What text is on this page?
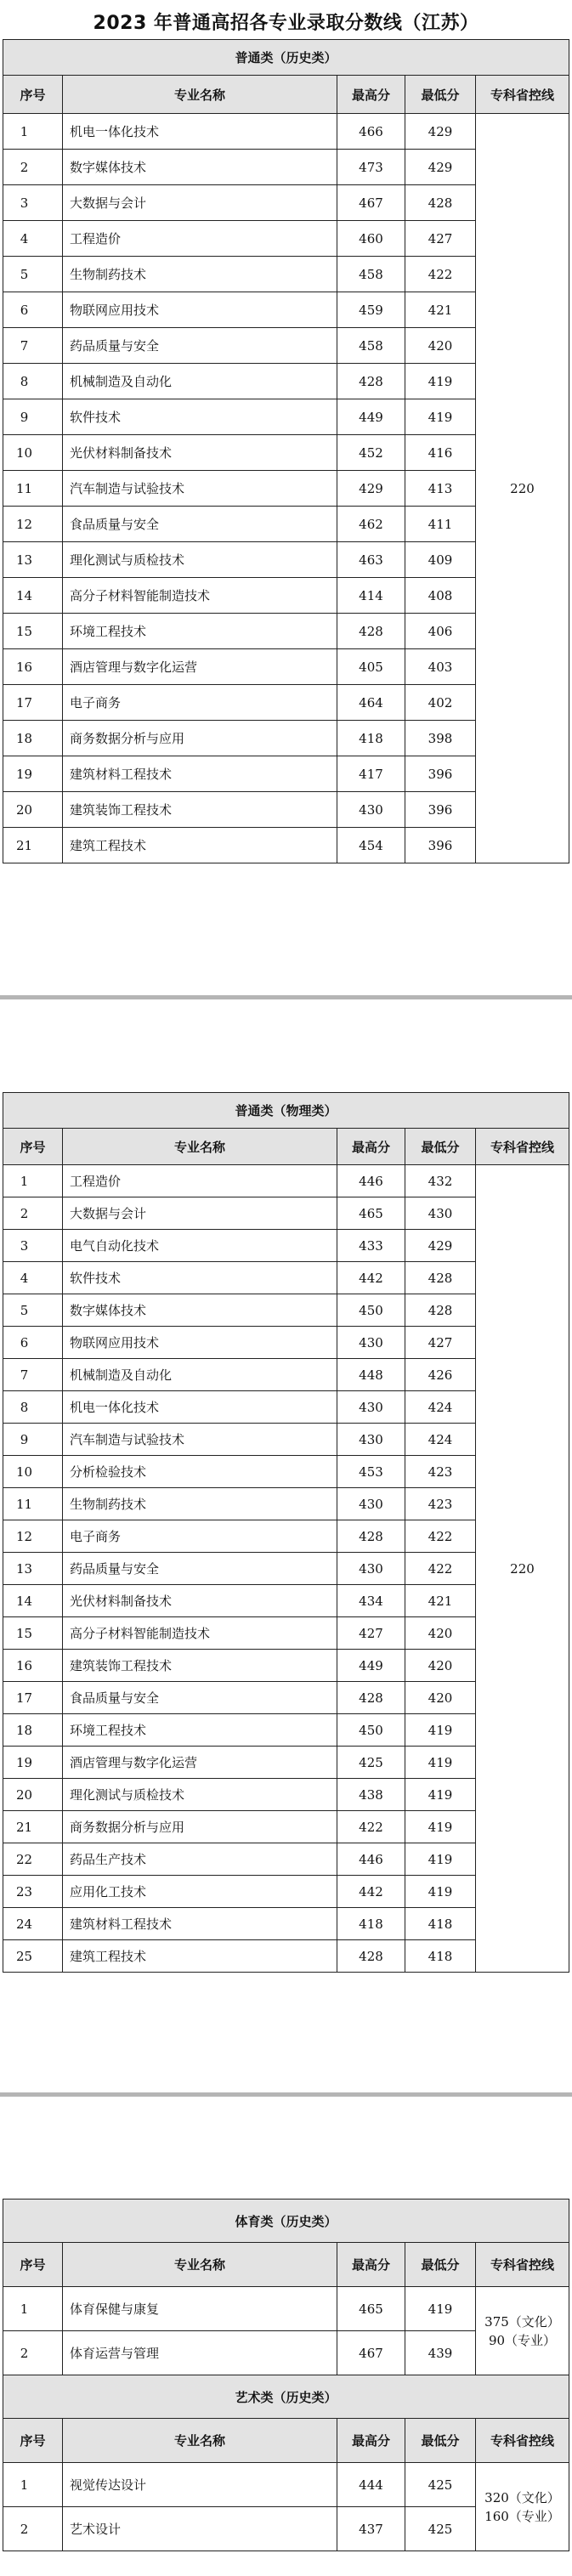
2023 年普通高招各专业录取分数线（江苏）
普通类（历史类）				
序号	专业名称	最高分	最低分	专科省控线
1	机电一体化技术	466	429	220
2	数字媒体技术	473	429	
3	大数据与会计	467	428	
4	工程造价	460	427	
5	生物制药技术	458	422	
6	物联网应用技术	459	421	
7	药品质量与安全	458	420	
8	机械制造及自动化	428	419	
9	软件技术	449	419	
10	光伏材料制备技术	452	416	
11	汽车制造与试验技术	429	413	
12	食品质量与安全	462	411	
13	理化测试与质检技术	463	409	
14	高分子材料智能制造技术	414	408	
15	环境工程技术	428	406	
16	酒店管理与数字化运营	405	403	
17	电子商务	464	402	
18	商务数据分析与应用	418	398	
19	建筑材料工程技术	417	396	
20	建筑装饰工程技术	430	396	
21	建筑工程技术	454	396	
普通类（物理类）				
序号	专业名称	最高分	最低分	专科省控线
1	工程造价	446	432	220
2	大数据与会计	465	430	
3	电气自动化技术	433	429	
4	软件技术	442	428	
5	数字媒体技术	450	428	
6	物联网应用技术	430	427	
7	机械制造及自动化	448	426	
8	机电一体化技术	430	424	
9	汽车制造与试验技术	430	424	
10	分析检验技术	453	423	
11	生物制药技术	430	423	
12	电子商务	428	422	
13	药品质量与安全	430	422	
14	光伏材料制备技术	434	421	
15	高分子材料智能制造技术	427	420	
16	建筑装饰工程技术	449	420	
17	食品质量与安全	428	420	
18	环境工程技术	450	419	
19	酒店管理与数字化运营	425	419	
20	理化测试与质检技术	438	419	
21	商务数据分析与应用	422	419	
22	药品生产技术	446	419	
23	应用化工技术	442	419	
24	建筑材料工程技术	418	418	
25	建筑工程技术	428	418	
体育类（历史类）				
序号	专业名称	最高分	最低分	专科省控线
1	体育保健与康复	465	419	375（文化）
90（专业）

2	体育运营与管理	467	439	
艺术类（历史类）				
序号	专业名称	最高分	最低分	专科省控线
1	视觉传达设计	444	425	320（文化）
160（专业）

2	艺术设计	437	425	
